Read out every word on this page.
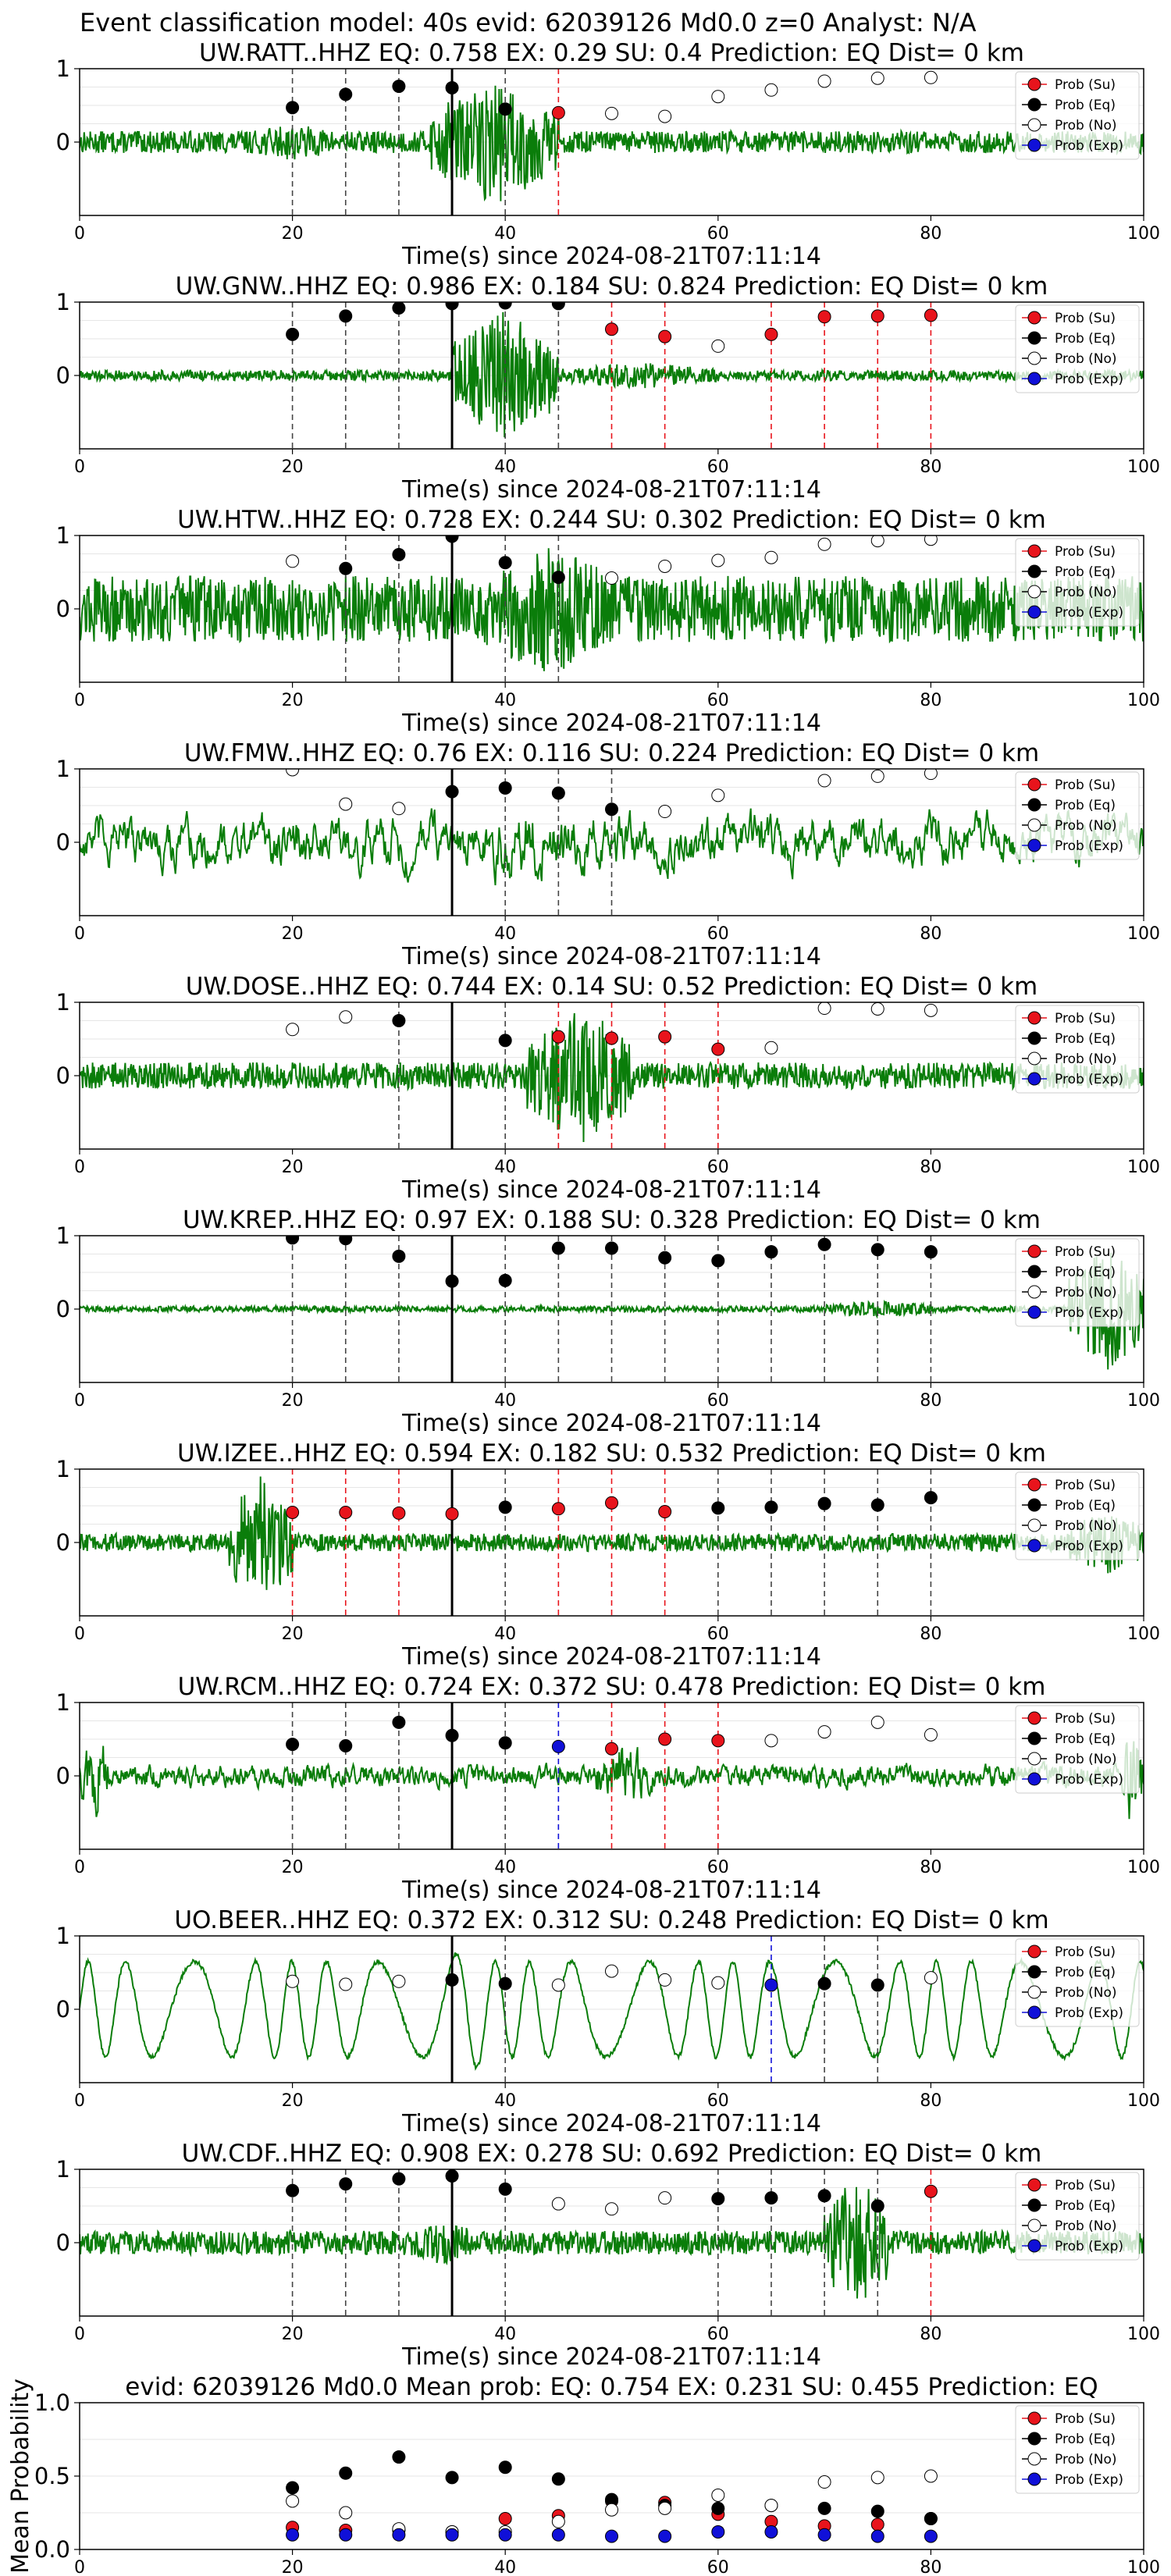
Event classification model: 40s evid: 62039126 Md0.0 z=0 Analyst: N/A
UW.RATT..HHZ EQ: 0.758 EX: 0.29 SU: 0.4 Prediction: EQ Dist= 0 km
0	20	40	60	80	100
0
1
Time(s) since 2024-08-21T07:11:14
Prob (Su)
Prob (Eq)
Prob (No)
Prob (Exp)
UW.GNW..HHZ EQ: 0.986 EX: 0.184 SU: 0.824 Prediction: EQ Dist= 0 km
0	20	40	60	80	100
0
1
Time(s) since 2024-08-21T07:11:14
Prob (Su)
Prob (Eq)
Prob (No)
Prob (Exp)
UW.HTW..HHZ EQ: 0.728 EX: 0.244 SU: 0.302 Prediction: EQ Dist= 0 km
0	20	40	60	80	100
0
1
Time(s) since 2024-08-21T07:11:14
Prob (Su)
Prob (Eq)
Prob (No)
Prob (Exp)
UW.FMW..HHZ EQ: 0.76 EX: 0.116 SU: 0.224 Prediction: EQ Dist= 0 km
0	20	40	60	80	100
0
1
Time(s) since 2024-08-21T07:11:14
Prob (Su)
Prob (Eq)
Prob (No)
Prob (Exp)
UW.DOSE..HHZ EQ: 0.744 EX: 0.14 SU: 0.52 Prediction: EQ Dist= 0 km
0	20	40	60	80	100
0
1
Time(s) since 2024-08-21T07:11:14
Prob (Su)
Prob (Eq)
Prob (No)
Prob (Exp)
UW.KREP..HHZ EQ: 0.97 EX: 0.188 SU: 0.328 Prediction: EQ Dist= 0 km
0	20	40	60	80	100
0
1
Time(s) since 2024-08-21T07:11:14
Prob (Su)
Prob (Eq)
Prob (No)
Prob (Exp)
UW.IZEE..HHZ EQ: 0.594 EX: 0.182 SU: 0.532 Prediction: EQ Dist= 0 km
0	20	40	60	80	100
0
1
Time(s) since 2024-08-21T07:11:14
Prob (Su)
Prob (Eq)
Prob (No)
Prob (Exp)
UW.RCM..HHZ EQ: 0.724 EX: 0.372 SU: 0.478 Prediction: EQ Dist= 0 km
0	20	40	60	80	100
0
1
Time(s) since 2024-08-21T07:11:14
Prob (Su)
Prob (Eq)
Prob (No)
Prob (Exp)
UO.BEER..HHZ EQ: 0.372 EX: 0.312 SU: 0.248 Prediction: EQ Dist= 0 km
0	20	40	60	80	100
0
1
Time(s) since 2024-08-21T07:11:14
Prob (Su)
Prob (Eq)
Prob (No)
Prob (Exp)
UW.CDF..HHZ EQ: 0.908 EX: 0.278 SU: 0.692 Prediction: EQ Dist= 0 km
0	20	40	60	80	100
0
1
Time(s) since 2024-08-21T07:11:14
Prob (Su)
Prob (Eq)
Prob (No)
Prob (Exp)
evid: 62039126 Md0.0 Mean prob: EQ: 0.754 EX: 0.231 SU: 0.455 Prediction: EQ
0	20	40	60	80	100
0.0
0.5
1.0
Mean Probability	Prob (Su)
Prob (Eq)
Prob (No)
Prob (Exp)
